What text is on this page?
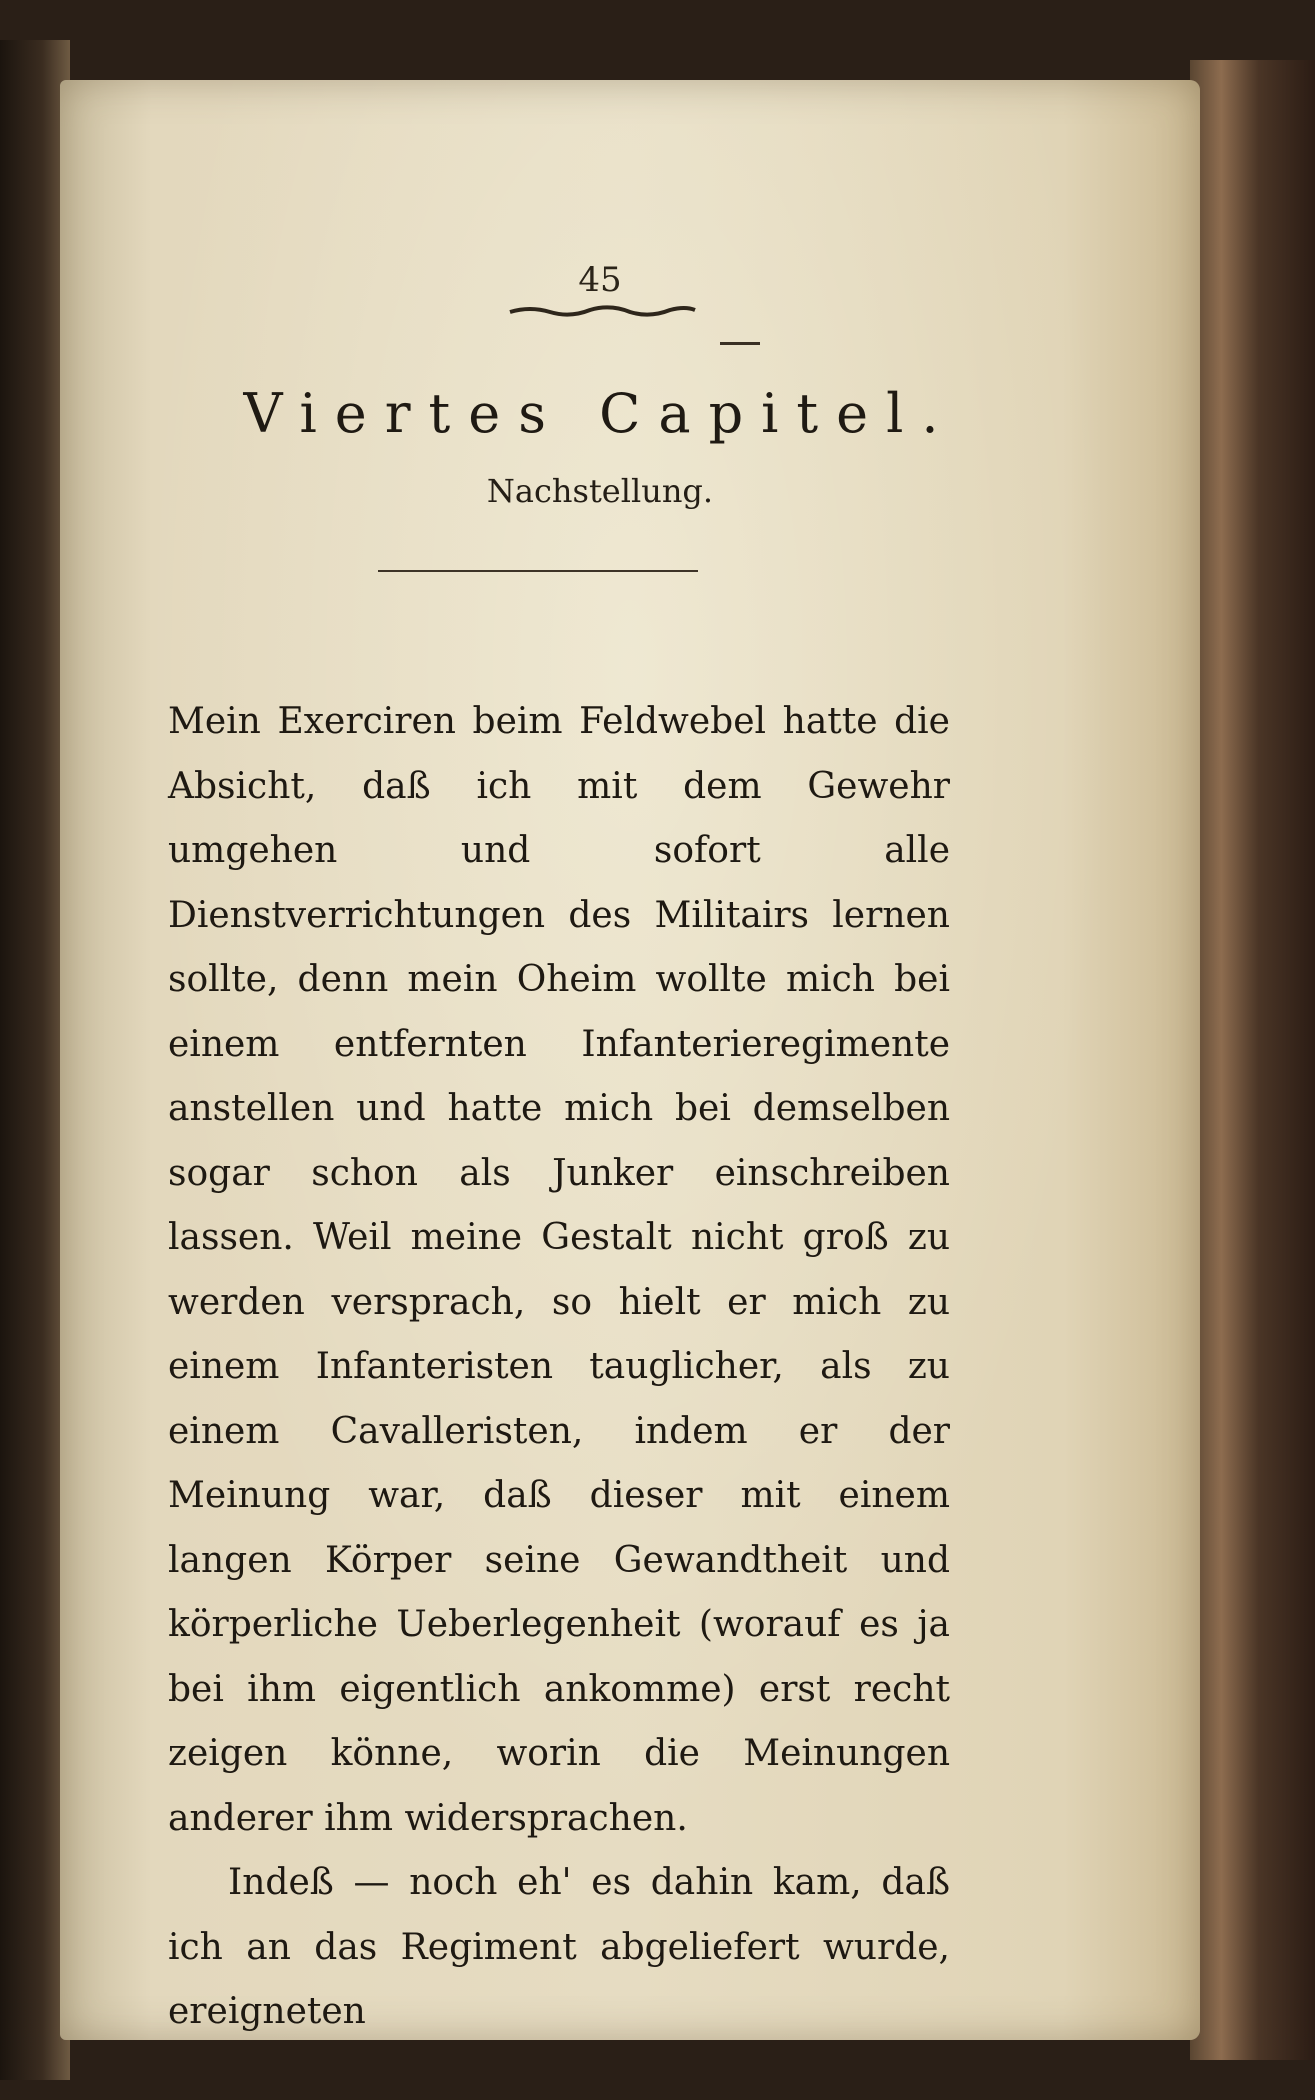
45
Viertes Capitel.
Nachstellung.

Mein Exerciren beim Feldwebel hatte die Absicht, daß ich mit dem Gewehr umgehen und sofort alle Dienstverrichtungen des Militairs lernen sollte, denn mein Oheim wollte mich bei einem entfernten Infanterieregimente anstellen und hatte mich bei demselben sogar schon als Junker einschreiben lassen. Weil meine Gestalt nicht groß zu werden versprach, so hielt er mich zu einem Infanteristen tauglicher, als zu einem Cavalleristen, indem er der Meinung war, daß dieser mit einem langen Körper seine Gewandtheit und körperliche Ueberlegenheit (worauf es ja bei ihm eigentlich ankomme) erst recht zeigen könne, worin die Meinungen anderer ihm widersprachen.

Indeß — noch eh' es dahin kam, daß ich an das Regiment abgeliefert wurde, ereigneten
